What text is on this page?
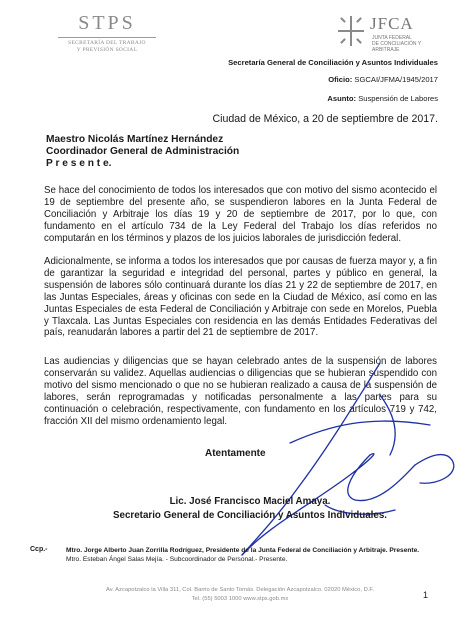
STPS
SECRETARÍA DEL TRABAJO
Y PREVISIÓN SOCIAL
JFCA
JUNTA FEDERAL
DE CONCILIACIÓN Y ARBITRAJE
Secretaría General de Conciliación y Asuntos Individuales
Oficio: SGCAI/JFMA/1945/2017
Asunto: Suspensión de Labores
Ciudad de México, a 20 de septiembre de 2017.
Maestro Nicolás Martínez Hernández
Coordinador General de Administración
P r e s e n t e.
Se hace del conocimiento de todos los interesados que con motivo del sismo acontecido el 19 de septiembre del presente año, se suspendieron labores en la Junta Federal de Conciliación y Arbitraje los días 19 y 20 de septiembre de 2017, por lo que, con fundamento en el artículo 734 de la Ley Federal del Trabajo los días referidos no computarán en los términos y plazos de los juicios laborales de jurisdicción federal.
Adicionalmente, se informa a todos los interesados que por causas de fuerza mayor y, a fin de garantizar la seguridad e integridad del personal, partes y público en general, la suspensión de labores sólo continuará durante los días 21 y 22 de septiembre de 2017, en las Juntas Especiales, áreas y oficinas con sede en la Ciudad de México, así como en las Juntas Especiales de esta Federal de Conciliación y Arbitraje con sede en Morelos, Puebla y Tlaxcala. Las Juntas Especiales con residencia en las demás Entidades Federativas del país, reanudarán labores a partir del 21 de septiembre de 2017.
Las audiencias y diligencias que se hayan celebrado antes de la suspensión de labores conservarán su validez. Aquellas audiencias o diligencias que se hubieran suspendido con motivo del sismo mencionado o que no se hubieran realizado a causa de la suspensión de labores, serán reprogramadas y notificadas personalmente a las partes para su continuación o celebración, respectivamente, con fundamento en los artículos 719 y 742, fracción XII del mismo ordenamiento legal.
Atentamente
Lic. José Francisco Maciel Amaya.
Secretario General de Conciliación y Asuntos Individuales.
Ccp.-	Mtro. Jorge Alberto Juan Zorrilla Rodríguez, Presidente de la Junta Federal de Conciliación y Arbitraje. Presente.
Mtro. Esteban Ángel Salas Mejía. - Subcoordinador de Personal.- Presente.
Av. Azcapotzalco la Villa 311, Col. Barrio de Santo Tomás. Delegación Azcapotzalco. 02020 México, D.F.
Tel. (55) 5003 1000 www.stps.gob.mx	1
